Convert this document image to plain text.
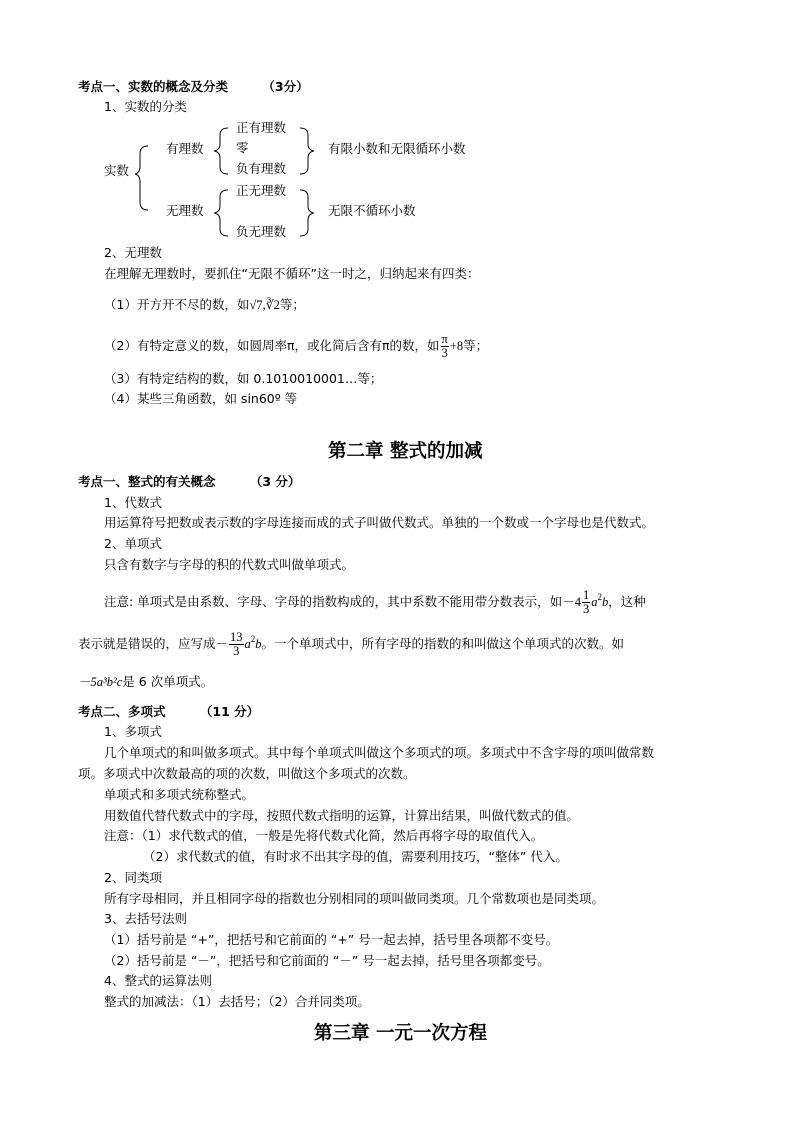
考点一、实数的概念及分类	（3分）
1、实数的分类
实数
有理数
正有理数
零
负有理数
有限小数和无限循环小数
无理数
正无理数
负无理数
无限不循环小数
2、无理数
在理解无理数时，要抓住“无限不循环”这一时之，归纳起来有四类：
（1）开方开不尽的数，如√7,∛2等；
（2）有特定意义的数，如圆周率π，或化简后含有π的数，如 $\frac{\pi}{3} +8$等；
（3）有特定结构的数，如 0.1010010001…等；
（4）某些三角函数，如 sin60º 等
第二章 整式的加减
考点一、整式的有关概念	（3 分）
1、代数式
用运算符号把数或表示数的字母连接而成的式子叫做代数式。单独的一个数或一个字母也是代数式。
2、单项式
只含有数字与字母的积的代数式叫做单项式。
注意: 单项式是由系数、字母、字母的指数构成的，其中系数不能用带分数表示，如$-4 \frac{1}{3} a^2b$，这种
表示就是错误的，应写成－ $\frac{13}{3} a^2b$。一个单项式中，所有字母的指数的和叫做这个单项式的次数。如
－5a³b²c是 6 次单项式。
考点二、多项式	（11 分）
1、多项式
几个单项式的和叫做多项式。其中每个单项式叫做这个多项式的项。多项式中不含字母的项叫做常数
项。多项式中次数最高的项的次数，叫做这个多项式的次数。
单项式和多项式统称整式。
用数值代替代数式中的字母，按照代数式指明的运算，计算出结果，叫做代数式的值。
注意：（1）求代数式的值，一般是先将代数式化简，然后再将字母的取值代入。
（2）求代数式的值，有时求不出其字母的值，需要利用技巧，“整体” 代入。
2、同类项
所有字母相同，并且相同字母的指数也分别相同的项叫做同类项。几个常数项也是同类项。
3、去括号法则
（1）括号前是 “+”，把括号和它前面的 “+” 号一起去掉，括号里各项都不变号。
（2）括号前是 “－”，把括号和它前面的 “－” 号一起去掉，括号里各项都变号。
4、整式的运算法则
整式的加减法：（1）去括号；（2）合并同类项。
第三章 一元一次方程
